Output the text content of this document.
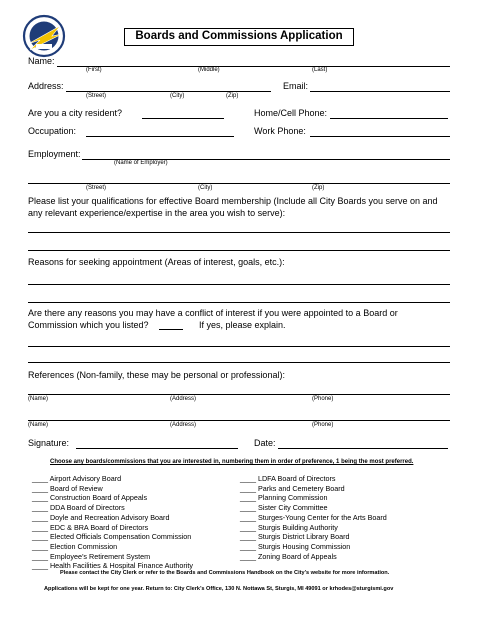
Boards and Commissions Application
Name:
(First)	(Middle)	(Last)
Address:	Email:
(Street)	(City)	(Zip)
Are you a city resident?	Home/Cell Phone:
Occupation:	Work Phone:
Employment:
(Name of Employer)
(Street)	(City)	(Zip)
Please list your qualifications for effective Board membership (Include all City Boards you serve on and
any relevant experience/expertise in the area you wish to serve):
Reasons for seeking appointment (Areas of interest, goals, etc.):
Are there any reasons you may have a conflict of interest if you were appointed to a Board or
Commission which you listed?	If yes, please explain.
References (Non-family, these may be personal or professional):
(Name)	(Address)	(Phone)
(Name)	(Address)	(Phone)
Signature:	Date:
Choose any boards/commissions that you are interested in, numbering them in order of preference, 1 being the most preferred.
____ Airport Advisory Board
____ Board of Review
____ Construction Board of Appeals
____ DDA Board of Directors
____ Doyle and Recreation Advisory Board
____ EDC & BRA Board of Directors
____ Elected Officials Compensation Commission
____ Election Commission
____ Employee’s Retirement System
____ Health Facilities & Hospital Finance Authority
____ LDFA Board of Directors
____ Parks and Cemetery Board
____ Planning Commission
____ Sister City Committee
____ Sturges-Young Center for the Arts Board
____ Sturgis Building Authority
____ Sturgis District Library Board
____ Sturgis Housing Commission
____ Zoning Board of Appeals
Please contact the City Clerk or refer to the Boards and Commissions Handbook on the City’s website for more information.
Applications will be kept for one year. Return to: City Clerk’s Office, 130 N. Nottawa St, Sturgis, MI 49091 or krhodes@sturgismi.gov
